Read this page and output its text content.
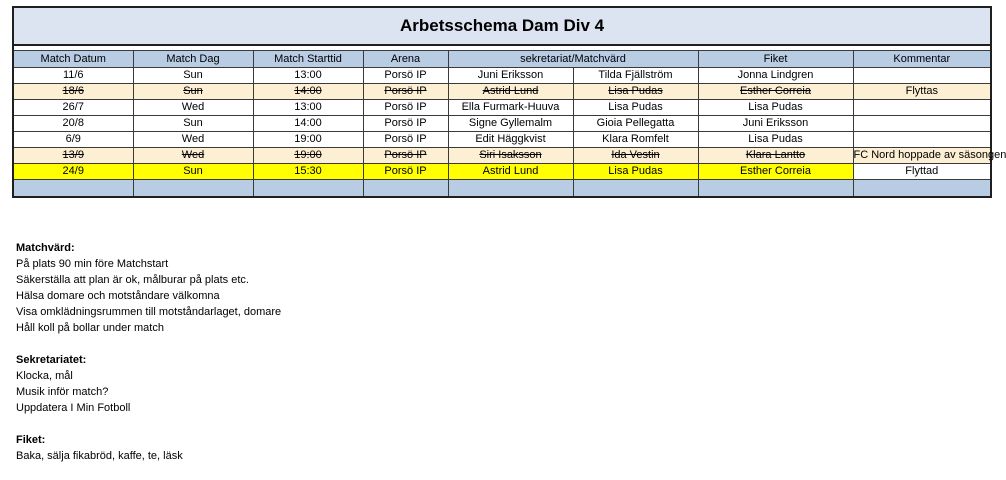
Arbetsschema Dam Div 4							

Match Datum	Match Dag	Match Starttid	Arena	sekretariat/Matchvärd		Fiket	Kommentar
11/6	Sun	13:00	Porsö IP	Juni Eriksson	Tilda Fjällström	Jonna Lindgren	
18/6	Sun	14:00	Porsö IP	Astrid Lund	Lisa Pudas	Esther Correia	Flyttas
26/7	Wed	13:00	Porsö IP	Ella Furmark-Huuva	Lisa Pudas	Lisa Pudas	
20/8	Sun	14:00	Porsö IP	Signe Gyllemalm	Gioia Pellegatta	Juni Eriksson	
6/9	Wed	19:00	Porsö IP	Edit Häggkvist	Klara Romfelt	Lisa Pudas	
13/9	Wed	19:00	Porsö IP	Siri Isaksson	Ida Vestin	Klara Lantto	FC Nord hoppade av säsongen
24/9	Sun	15:30	Porsö IP	Astrid Lund	Lisa Pudas	Esther Correia	Flyttad

Matchvärd:
På plats 90 min före Matchstart
Säkerställa att plan är ok, målburar på plats etc.
Hälsa domare och motståndare välkomna
Visa omklädningsrummen till motståndarlaget, domare
Håll koll på bollar under match
Sekretariatet:
Klocka, mål
Musik inför match?
Uppdatera I Min Fotboll
Fiket:
Baka, sälja fikabröd, kaffe, te, läsk
